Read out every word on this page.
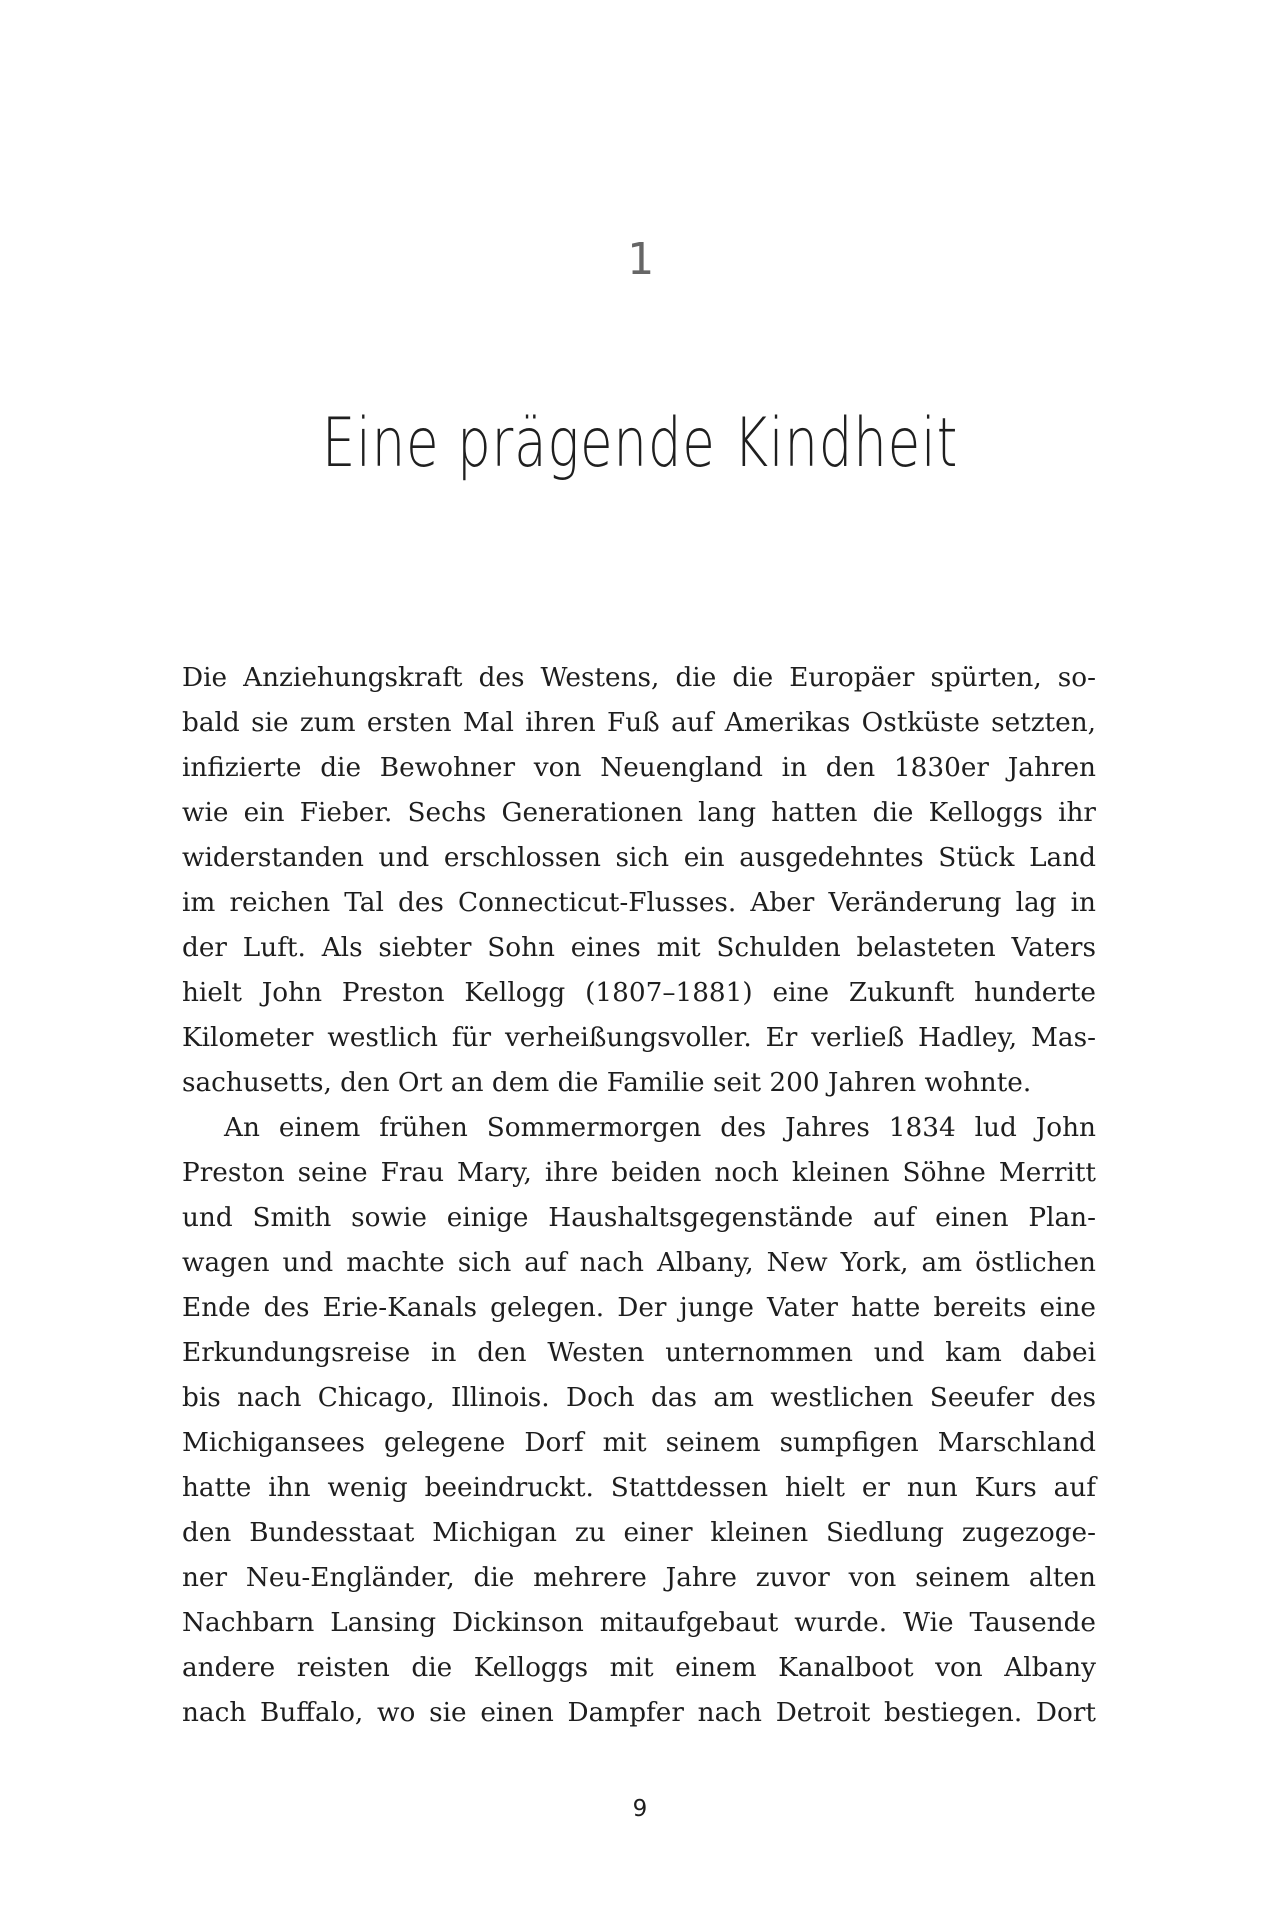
1
Eine prägende Kindheit
Die Anziehungskraft des Westens, die die Europäer spürten, so-
bald sie zum ersten Mal ihren Fuß auf Amerikas Ostküste setzten,
infizierte die Bewohner von Neuengland in den 1830er Jahren
wie ein Fieber. Sechs Generationen lang hatten die Kelloggs ihr
widerstanden und erschlossen sich ein ausgedehntes Stück Land
im reichen Tal des Connecticut-Flusses. Aber Veränderung lag in
der Luft. Als siebter Sohn eines mit Schulden belasteten Vaters
hielt John Preston Kellogg (1807–1881) eine Zukunft hunderte
Kilometer westlich für verheißungsvoller. Er verließ Hadley, Mas-
sachusetts, den Ort an dem die Familie seit 200 Jahren wohnte.
An einem frühen Sommermorgen des Jahres 1834 lud John
Preston seine Frau Mary, ihre beiden noch kleinen Söhne Merritt
und Smith sowie einige Haushaltsgegenstände auf einen Plan-
wagen und machte sich auf nach Albany, New York, am östlichen
Ende des Erie-Kanals gelegen. Der junge Vater hatte bereits eine
Erkundungsreise in den Westen unternommen und kam dabei
bis nach Chicago, Illinois. Doch das am westlichen Seeufer des
Michigansees gelegene Dorf mit seinem sumpfigen Marschland
hatte ihn wenig beeindruckt. Stattdessen hielt er nun Kurs auf
den Bundesstaat Michigan zu einer kleinen Siedlung zugezoge-
ner Neu-Engländer, die mehrere Jahre zuvor von seinem alten
Nachbarn Lansing Dickinson mitaufgebaut wurde. Wie Tausende
andere reisten die Kelloggs mit einem Kanalboot von Albany
nach Buffalo, wo sie einen Dampfer nach Detroit bestiegen. Dort
9
